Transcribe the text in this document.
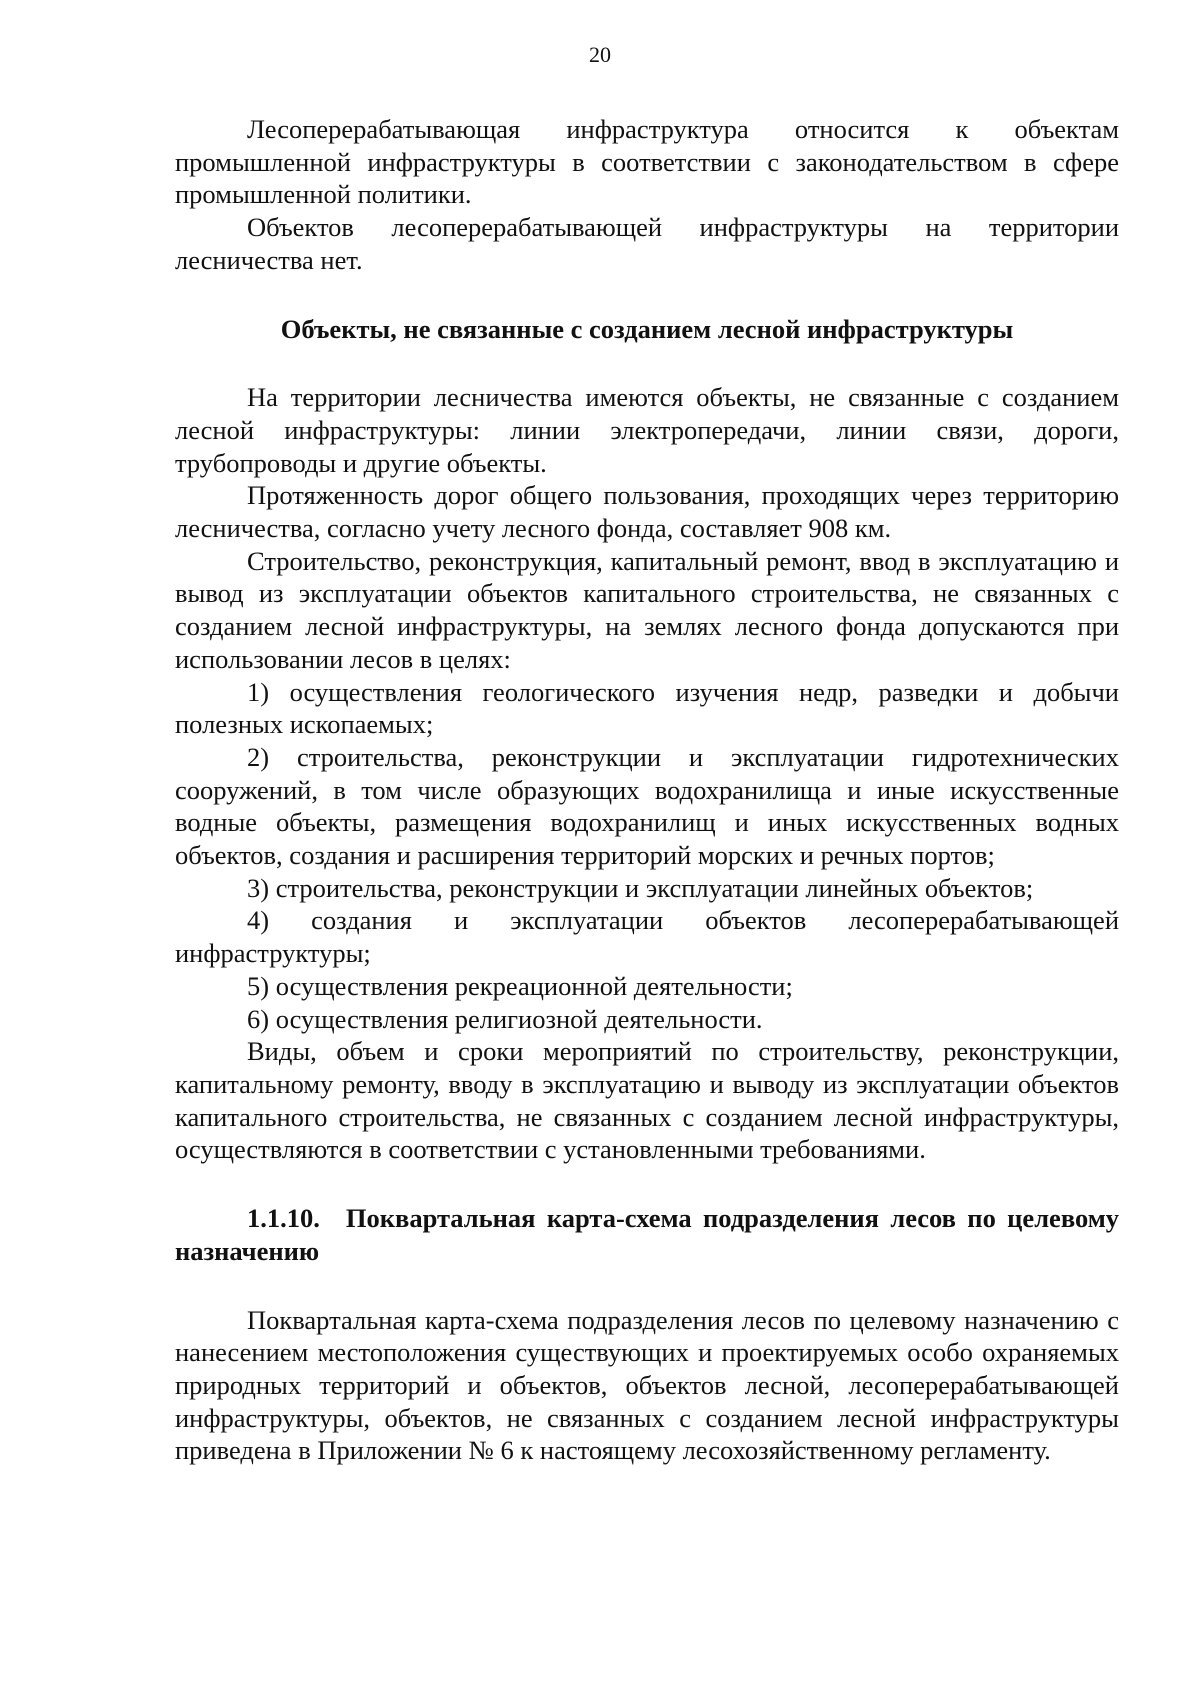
20

Лесоперерабатывающая инфраструктура относится к объектам промышленной инфраструктуры в соответствии с законодательством в сфере промышленной политики.

Объектов лесоперерабатывающей инфраструктуры на территории лесничества нет.

Объекты, не связанные с созданием лесной инфраструктуры

На территории лесничества имеются объекты, не связанные с созданием лесной инфраструктуры: линии электропередачи, линии связи, дороги, трубопроводы и другие объекты.

Протяженность дорог общего пользования, проходящих через территорию лесничества, согласно учету лесного фонда, составляет 908 км.

Строительство, реконструкция, капитальный ремонт, ввод в эксплуатацию и вывод из эксплуатации объектов капитального строительства, не связанных с созданием лесной инфраструктуры, на землях лесного фонда допускаются при использовании лесов в целях:

1) осуществления геологического изучения недр, разведки и добычи полезных ископаемых;

2) строительства, реконструкции и эксплуатации гидротехнических сооружений, в том числе образующих водохранилища и иные искусственные водные объекты, размещения водохранилищ и иных искусственных водных объектов, создания и расширения территорий морских и речных портов;

3) строительства, реконструкции и эксплуатации линейных объектов;

4) создания и эксплуатации объектов лесоперерабатывающей инфраструктуры;

5) осуществления рекреационной деятельности;

6) осуществления религиозной деятельности.

Виды, объем и сроки мероприятий по строительству, реконструкции, капитальному ремонту, вводу в эксплуатацию и выводу из эксплуатации объектов капитального строительства, не связанных с созданием лесной инфраструктуры, осуществляются в соответствии с установленными требованиями.

1.1.10. Поквартальная карта-схема подразделения лесов по целевому назначению

Поквартальная карта-схема подразделения лесов по целевому назначению с нанесением местоположения существующих и проектируемых особо охраняемых природных территорий и объектов, объектов лесной, лесоперерабатывающей инфраструктуры, объектов, не связанных с созданием лесной инфраструктуры приведена в Приложении № 6 к настоящему лесохозяйственному регламенту.
